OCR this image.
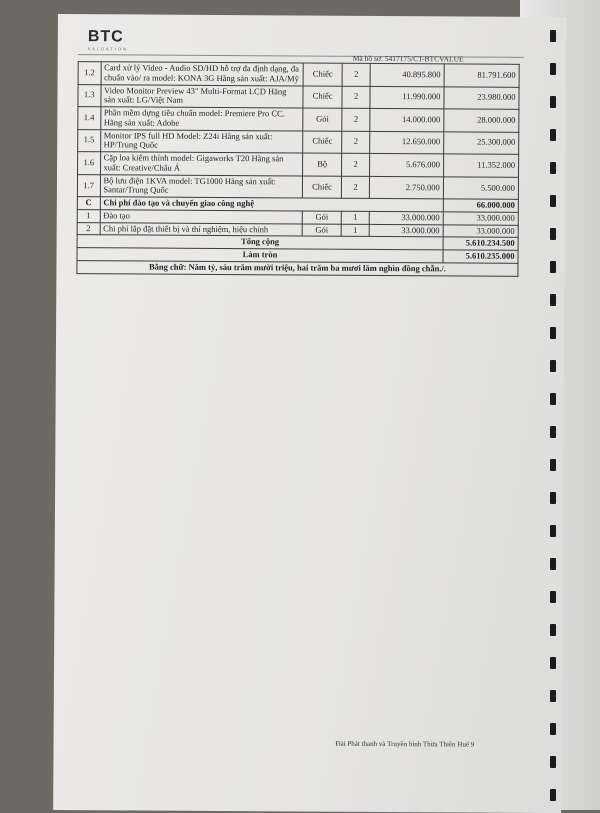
BTC
VALUATION
Mã hồ sơ: 5417175/CT-BTCVALUE
1.2	Card xử lý Video - Audio SD/HD hỗ trợ đa định dạng, đa chuẩn vào/ ra model: KONA 3G Hãng sản xuất: AJA/Mỹ	Chiếc	2	40.895.800	81.791.600
1.3	Video Monitor Preview 43" Multi-Format LCD Hãng sản xuất: LG/Việt Nam	Chiếc	2	11.990.000	23.980.000
1.4	Phần mềm dựng tiêu chuẩn model: Premiere Pro CC. Hãng sản xuất: Adobe	Gói	2	14.000.000	28.000.000
1.5	Monitor IPS full HD Model: Z24i Hãng sản xuất: HP/Trung Quốc	Chiếc	2	12.650.000	25.300.000
1.6	Cặp loa kiểm thính model: Gigaworks T20 Hãng sản xuất: Creative/Châu Á	Bộ	2	5.676.000	11.352.000
1.7	Bộ lưu điện 1KVA model: TG1000 Hãng sản xuất: Santar/Trung Quốc	Chiếc	2	2.750.000	5.500.000
C	Chi phí đào tạo và chuyển giao công nghệ				66.000.000
1	Đào tạo	Gói	1	33.000.000	33.000.000
2	Chi phí lắp đặt thiết bị và thí nghiệm, hiệu chỉnh	Gói	1	33.000.000	33.000.000
Tổng cộng					5.610.234.500
Làm tròn					5.610.235.000
Bằng chữ: Năm tỷ, sáu trăm mười triệu, hai trăm ba mươi lăm nghìn đồng chẵn./.					
Đài Phát thanh và Truyền hình Thừa Thiên Huế 9
